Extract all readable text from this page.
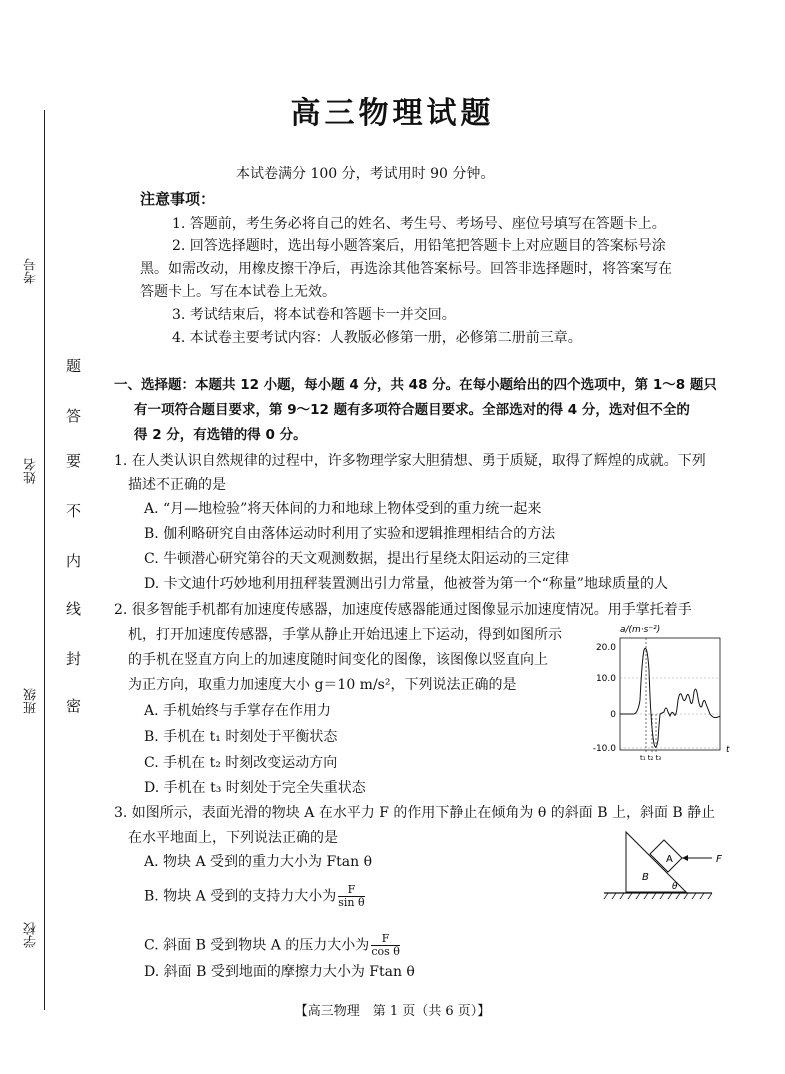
考号
姓名
班级
学校
题
答
要
不
内
线
封
密
高三物理试题
本试卷满分 100 分，考试用时 90 分钟。
注意事项：
1. 答题前，考生务必将自己的姓名、考生号、考场号、座位号填写在答题卡上。
2. 回答选择题时，选出每小题答案后，用铅笔把答题卡上对应题目的答案标号涂
黑。如需改动，用橡皮擦干净后，再选涂其他答案标号。回答非选择题时，将答案写在
答题卡上。写在本试卷上无效。
3. 考试结束后，将本试卷和答题卡一并交回。
4. 本试卷主要考试内容：人教版必修第一册，必修第二册前三章。
一、选择题：本题共 12 小题，每小题 4 分，共 48 分。在每小题给出的四个选项中，第 1～8 题只
有一项符合题目要求，第 9～12 题有多项符合题目要求。全部选对的得 4 分，选对但不全的
得 2 分，有选错的得 0 分。
1. 在人类认识自然规律的过程中，许多物理学家大胆猜想、勇于质疑，取得了辉煌的成就。下列
描述不正确的是
A. “月—地检验”将天体间的力和地球上物体受到的重力统一起来
B. 伽利略研究自由落体运动时利用了实验和逻辑推理相结合的方法
C. 牛顿潜心研究第谷的天文观测数据，提出行星绕太阳运动的三定律
D. 卡文迪什巧妙地利用扭秤装置测出引力常量，他被誉为第一个“称量”地球质量的人
2. 很多智能手机都有加速度传感器，加速度传感器能通过图像显示加速度情况。用手掌托着手
机，打开加速度传感器，手掌从静止开始迅速上下运动，得到如图所示
的手机在竖直方向上的加速度随时间变化的图像，该图像以竖直向上
为正方向，取重力加速度大小 g＝10 m/s²，下列说法正确的是
A. 手机始终与手掌存在作用力
B. 手机在 t₁ 时刻处于平衡状态
C. 手机在 t₂ 时刻改变运动方向
D. 手机在 t₃ 时刻处于完全失重状态
a/(m·s⁻²)
20.0
10.0
0
-10.0
t₁ t₂ t₃
t
3. 如图所示，表面光滑的物块 A 在水平力 F 的作用下静止在倾角为 θ 的斜面 B 上，斜面 B 静止
在水平地面上，下列说法正确的是
A. 物块 A 受到的重力大小为 Ftan θ
B. 物块 A 受到的支持力大小为 $\frac{F}{\text{sin θ}}$
C. 斜面 B 受到物块 A 的压力大小为 $\frac{F}{\text{cos θ}}$
D. 斜面 B 受到地面的摩擦力大小为 Ftan θ
A
B
F
θ
【高三物理　第 1 页（共 6 页）】
